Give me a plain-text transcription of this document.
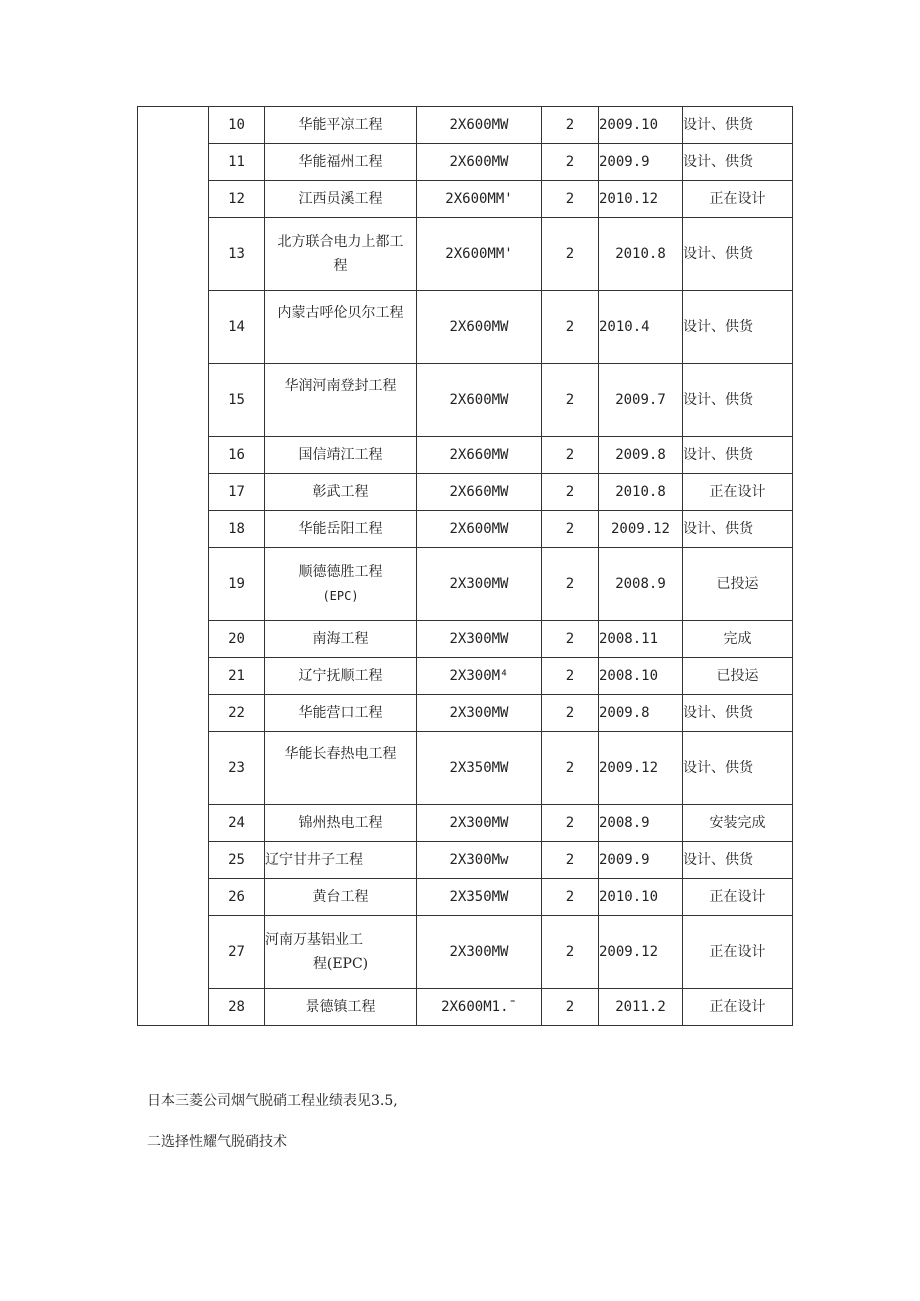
	10	华能平凉工程	2X600MW	2	2009.10	设计、供货
	11	华能福州工程	2X600MW	2	2009.9	设计、供货
	12	江西员溪工程	2X600MM'	2	2010.12	正在设计
	13	北方联合电力上都工
程	2X600MM'	2	2010.8	设计、供货
	14	内蒙古呼伦贝尔工程	2X600MW	2	2010.4	设计、供货
	15	华润河南登封工程	2X600MW	2	2009.7	设计、供货
	16	国信靖江工程	2X660MW	2	2009.8	设计、供货
	17	彰武工程	2X660MW	2	2010.8	正在设计
	18	华能岳阳工程	2X600MW	2	2009.12	设计、供货
	19	顺德德胜工程
(EPC)	2X300MW	2	2008.9	已投运
	20	南海工程	2X300MW	2	2008.11	完成
	21	辽宁抚顺工程	2X300M⁴	2	2008.10	已投运
	22	华能营口工程	2X300MW	2	2009.8	设计、供货
	23	华能长春热电工程	2X350MW	2	2009.12	设计、供货
	24	锦州热电工程	2X300MW	2	2008.9	安装完成
	25	辽宁甘井子工程	2X300Mw	2	2009.9	设计、供货
	26	黄台工程	2X350MW	2	2010.10	正在设计
	27	河南万基铝业工
程(EPC)	2X300MW	2	2009.12	正在设计
	28	景德镇工程	2X600M1.ˉ	2	2011.2	正在设计
日本三菱公司烟气脱硝工程业绩表见3.5,
二选择性耀气脱硝技术
